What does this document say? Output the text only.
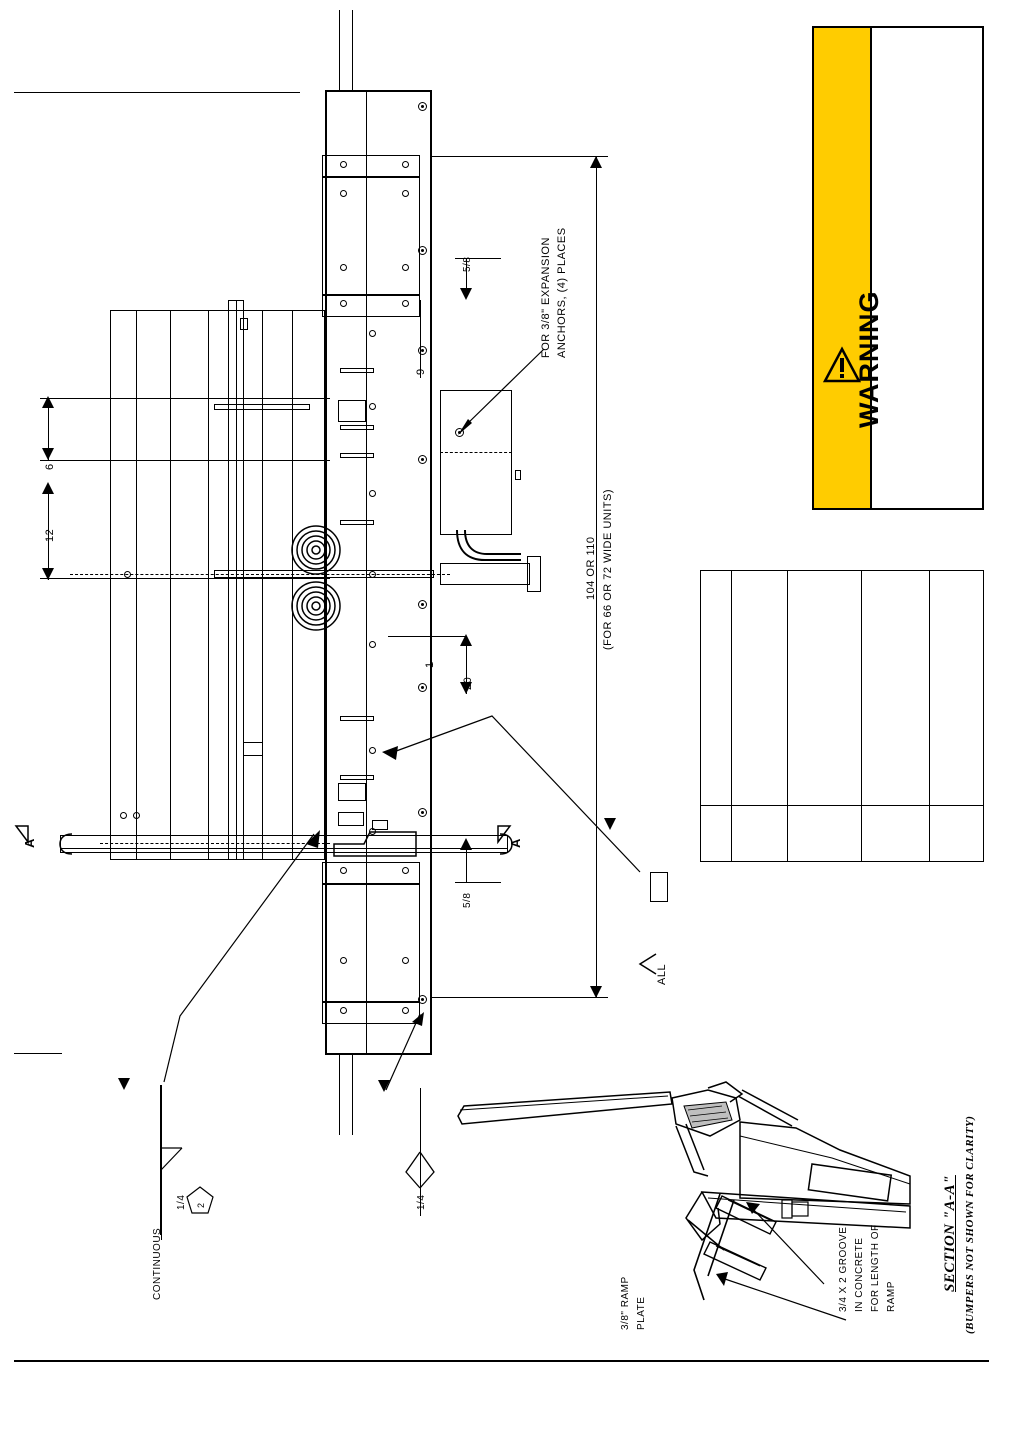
WARNING
A	A
104 OR 110 (FOR 66 OR 72 WIDE UNITS)
9
5/8
5/8
20
1
6
12
FOR 3/8" EXPANSION ANCHORS, (4) PLACES
ALL
1/4
CONTINUOUS
2	1/4
3/8" RAMP PLATE
3/4 X 2 GROOVE IN CONCRETE FOR LENGTH OF RAMP
SECTION "A-A" (BUMPERS NOT SHOWN FOR CLARITY)
